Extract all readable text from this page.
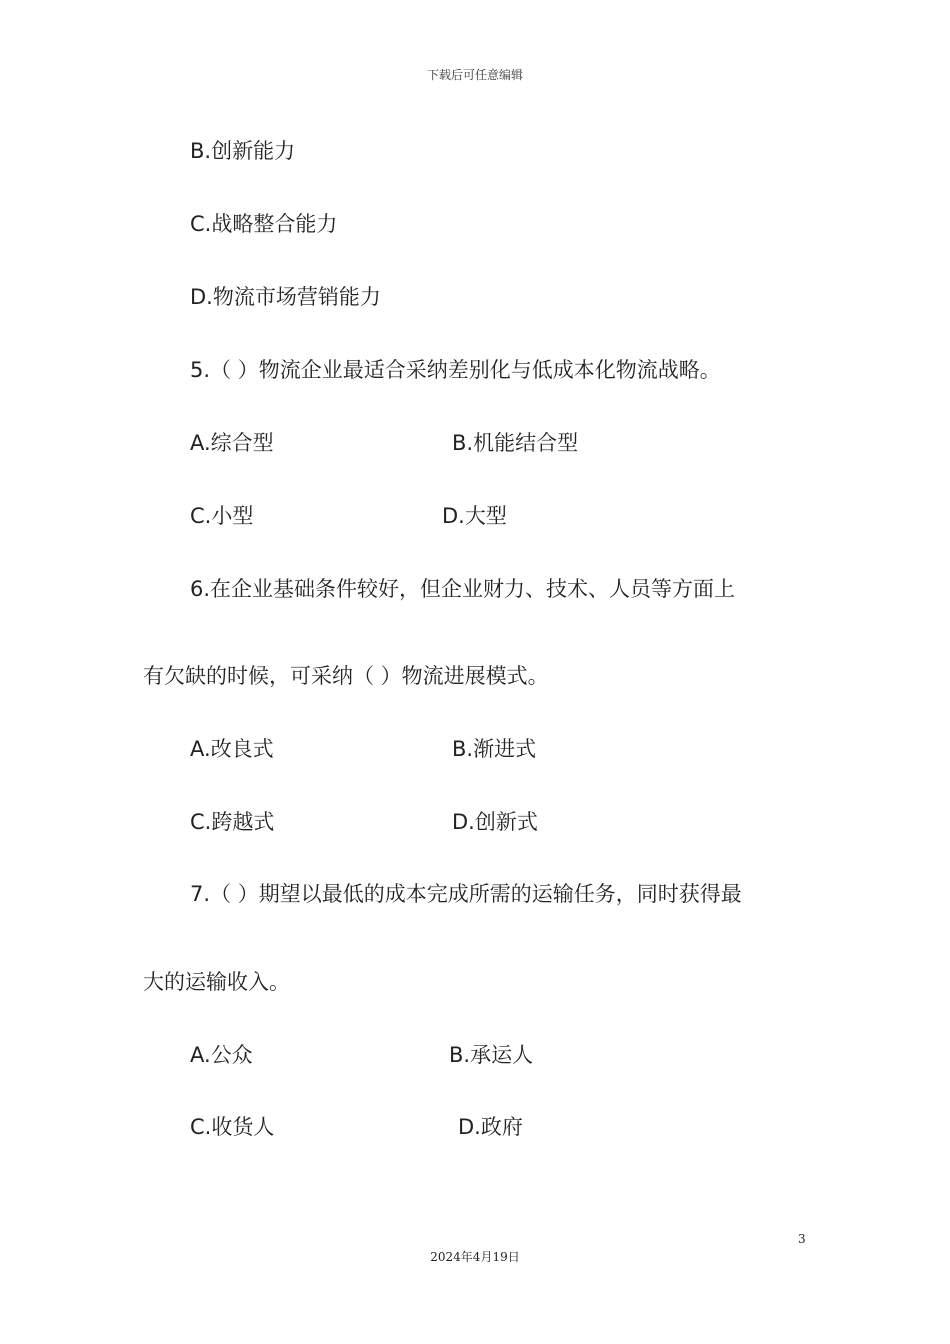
下载后可任意编辑
B.创新能力
C.战略整合能力
D.物流市场营销能力
5.（ ）物流企业最适合采纳差别化与低成本化物流战略。
A.综合型	B.机能结合型
C.小型	D.大型
6.在企业基础条件较好，但企业财力、技术、人员等方面上
有欠缺的时候，可采纳（ ）物流进展模式。
A.改良式	B.渐进式
C.跨越式	D.创新式
7.（ ）期望以最低的成本完成所需的运输任务，同时获得最
大的运输收入。
A.公众	B.承运人
C.收货人	D.政府
3
2024年4月19日
